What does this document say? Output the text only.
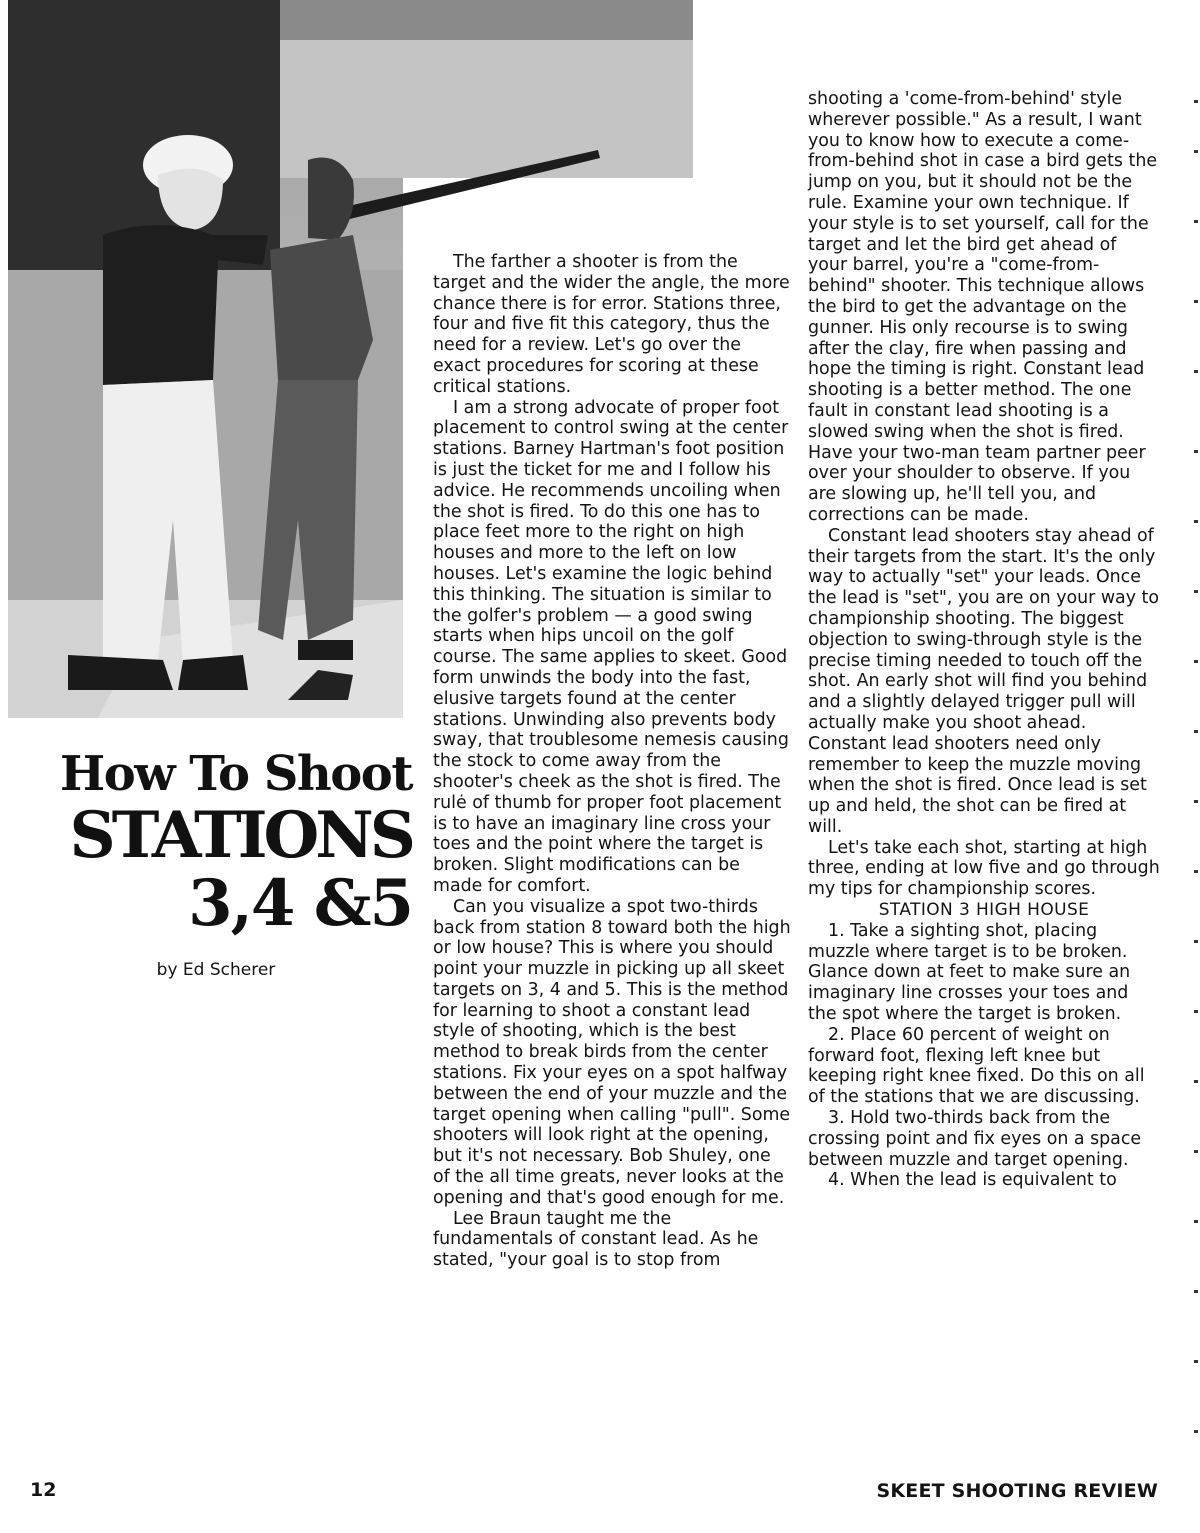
How To Shoot
STATIONS
3,4 &5
by Ed Scherer

The farther a shooter is from the target and the wider the angle, the more chance there is for error. Stations three, four and five fit this category, thus the need for a review. Let's go over the exact procedures for scoring at these critical stations.

I am a strong advocate of proper foot placement to control swing at the center stations. Barney Hartman's foot position is just the ticket for me and I follow his advice. He recommends uncoiling when the shot is fired. To do this one has to place feet more to the right on high houses and more to the left on low houses. Let's examine the logic behind this thinking. The situation is similar to the golfer's problem — a good swing starts when hips uncoil on the golf course. The same applies to skeet. Good form unwinds the body into the fast, elusive targets found at the center stations. Unwinding also prevents body sway, that troublesome nemesis causing the stock to come away from the shooter's cheek as the shot is fired. The rulė of thumb for proper foot placement is to have an imaginary line cross your toes and the point where the target is broken. Slight modifications can be made for comfort.

Can you visualize a spot two-thirds back from station 8 toward both the high or low house? This is where you should point your muzzle in picking up all skeet targets on 3, 4 and 5. This is the method for learning to shoot a constant lead style of shooting, which is the best method to break birds from the center stations. Fix your eyes on a spot halfway between the end of your muzzle and the target opening when calling "pull". Some shooters will look right at the opening, but it's not necessary. Bob Shuley, one of the all time greats, never looks at the opening and that's good enough for me.

Lee Braun taught me the fundamentals of constant lead. As he stated, "your goal is to stop from

shooting a 'come-from-behind' style wherever possible." As a result, I want you to know how to execute a come-from-behind shot in case a bird gets the jump on you, but it should not be the rule. Examine your own technique. If your style is to set yourself, call for the target and let the bird get ahead of your barrel, you're a "come-from-behind" shooter. This technique allows the bird to get the advantage on the gunner. His only recourse is to swing after the clay, fire when passing and hope the timing is right. Constant lead shooting is a better method. The one fault in constant lead shooting is a slowed swing when the shot is fired. Have your two-man team partner peer over your shoulder to observe. If you are slowing up, he'll tell you, and corrections can be made.

Constant lead shooters stay ahead of their targets from the start. It's the only way to actually "set" your leads. Once the lead is "set", you are on your way to championship shooting. The biggest objection to swing-through style is the precise timing needed to touch off the shot. An early shot will find you behind and a slightly delayed trigger pull will actually make you shoot ahead. Constant lead shooters need only remember to keep the muzzle moving when the shot is fired. Once lead is set up and held, the shot can be fired at will.

Let's take each shot, starting at high three, ending at low five and go through my tips for championship scores.

STATION 3 HIGH HOUSE

1. Take a sighting shot, placing muzzle where target is to be broken. Glance down at feet to make sure an imaginary line crosses your toes and the spot where the target is broken.

2. Place 60 percent of weight on forward foot, flexing left knee but keeping right knee fixed. Do this on all of the stations that we are discussing.

3. Hold two-thirds back from the crossing point and fix eyes on a space between muzzle and target opening.

4. When the lead is equivalent to

12	SKEET SHOOTING REVIEW
